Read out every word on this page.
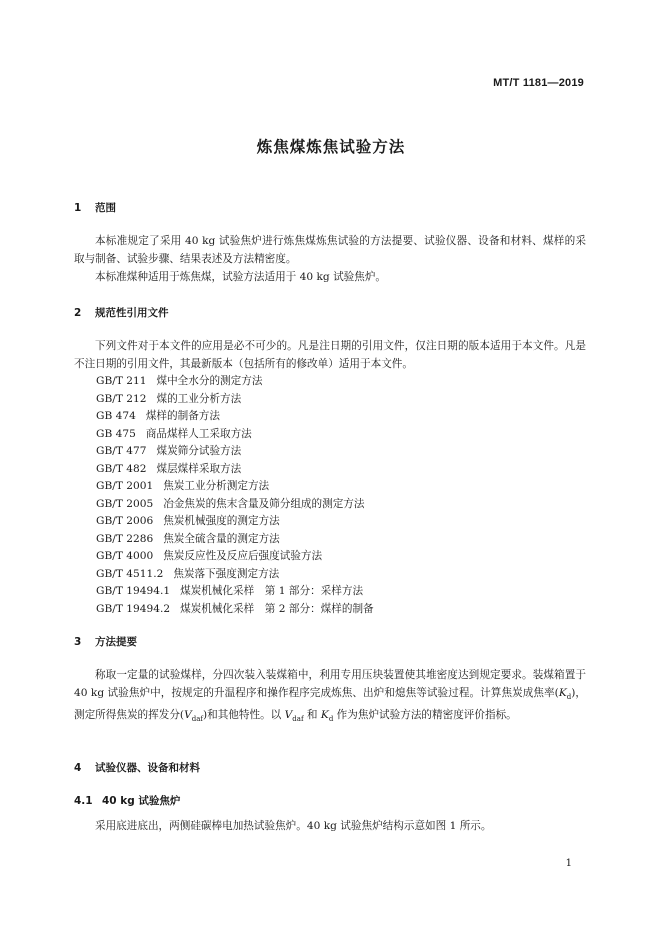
MT/T 1181—2019
炼焦煤炼焦试验方法
1 范围
本标准规定了采用 40 kg 试验焦炉进行炼焦煤炼焦试验的方法提要、试验仪器、设备和材料、煤样的采取与制备、试验步骤、结果表述及方法精密度。
本标准煤种适用于炼焦煤，试验方法适用于 40 kg 试验焦炉。
2 规范性引用文件
下列文件对于本文件的应用是必不可少的。凡是注日期的引用文件，仅注日期的版本适用于本文件。凡是不注日期的引用文件，其最新版本（包括所有的修改单）适用于本文件。
GB/T 211 煤中全水分的测定方法
GB/T 212 煤的工业分析方法
GB 474 煤样的制备方法
GB 475 商品煤样人工采取方法
GB/T 477 煤炭筛分试验方法
GB/T 482 煤层煤样采取方法
GB/T 2001 焦炭工业分析测定方法
GB/T 2005 冶金焦炭的焦末含量及筛分组成的测定方法
GB/T 2006 焦炭机械强度的测定方法
GB/T 2286 焦炭全硫含量的测定方法
GB/T 4000 焦炭反应性及反应后强度试验方法
GB/T 4511.2 焦炭落下强度测定方法
GB/T 19494.1 煤炭机械化采样　第 1 部分：采样方法
GB/T 19494.2 煤炭机械化采样　第 2 部分：煤样的制备
3 方法提要
称取一定量的试验煤样，分四次装入装煤箱中，利用专用压块装置使其堆密度达到规定要求。装煤箱置于 40 kg 试验焦炉中，按规定的升温程序和操作程序完成炼焦、出炉和熄焦等试验过程。计算焦炭成焦率$(K_d)$，测定所得焦炭的挥发分$(V_{daf})$和其他特性。以 $V_{daf}$ 和 $K_d$ 作为焦炉试验方法的精密度评价指标。
4 试验仪器、设备和材料
4.1 40 kg 试验焦炉
采用底进底出，两侧硅碳棒电加热试验焦炉。40 kg 试验焦炉结构示意如图 1 所示。
1
